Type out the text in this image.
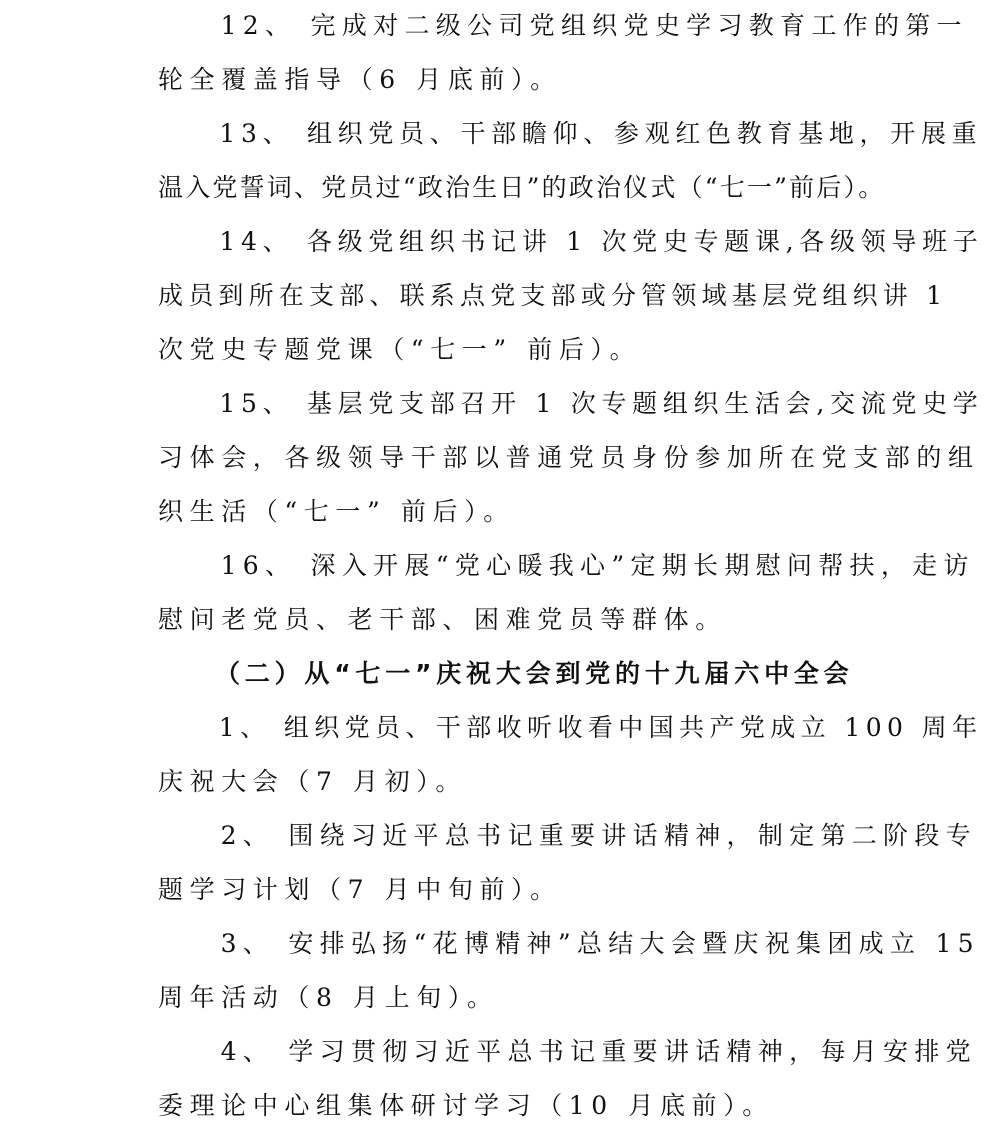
　　12、 完成对二级公司党组织党史学习教育工作的第一
轮全覆盖指导（6 月底前）。
　　13、 组织党员、干部瞻仰、参观红色教育基地，开展重
温入党誓词、党员过“政治生日”的政治仪式（“七一”前后）。
　　14、 各级党组织书记讲 1 次党史专题课,各级领导班子
成员到所在支部、联系点党支部或分管领域基层党组织讲 1
次党史专题党课（“七一” 前后）。
　　15、 基层党支部召开 1 次专题组织生活会,交流党史学
习体会，各级领导干部以普通党员身份参加所在党支部的组
织生活（“七一” 前后）。
　　16、 深入开展“党心暖我心”定期长期慰问帮扶，走访
慰问老党员、老干部、困难党员等群体。
（二）从“七一”庆祝大会到党的十九届六中全会
　　1、 组织党员、干部收听收看中国共产党成立 100 周年
庆祝大会（7 月初）。
　　2、 围绕习近平总书记重要讲话精神，制定第二阶段专
题学习计划（7 月中旬前）。
　　3、 安排弘扬“花博精神”总结大会暨庆祝集团成立 15
周年活动（8 月上旬）。
　　4、 学习贯彻习近平总书记重要讲话精神，每月安排党
委理论中心组集体研讨学习（10 月底前）。
